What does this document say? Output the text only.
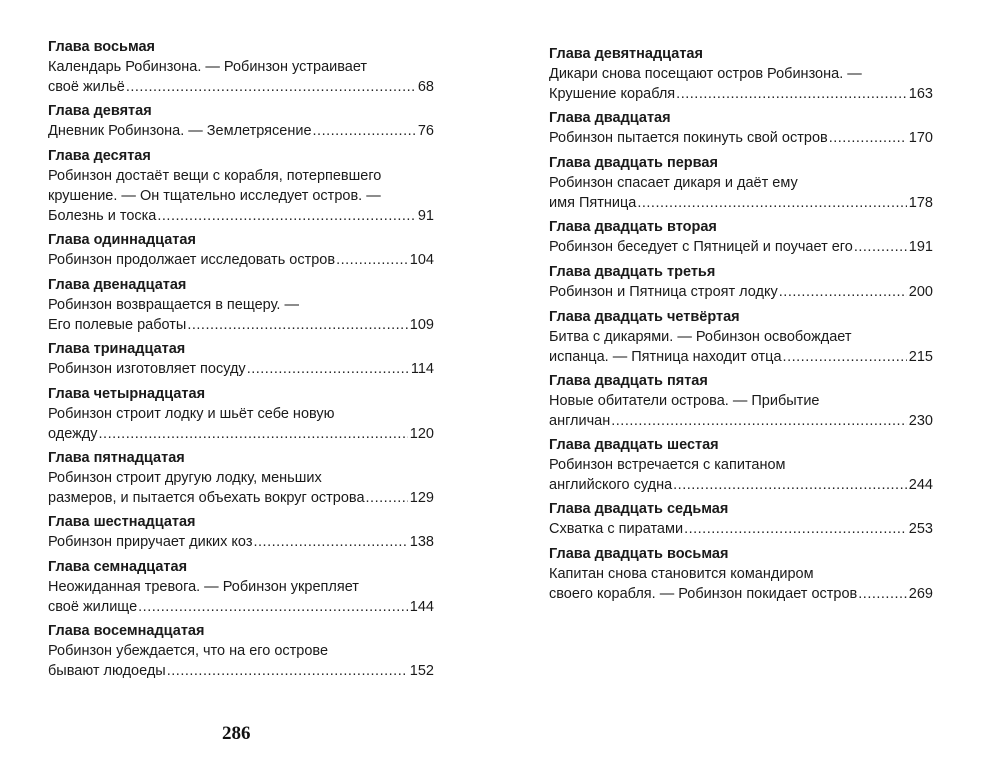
Глава восьмая
Календарь Робинзона. — Робинзон устраивает
своё жильё .....	68
Глава девятая
Дневник Робинзона. — Землетрясение .....	76
Глава десятая
Робинзон достаёт вещи с корабля, потерпевшего
крушение. — Он тщательно исследует остров. —
Болезнь и тоска .....	91
Глава одиннадцатая
Робинзон продолжает исследовать остров .....	104
Глава двенадцатая
Робинзон возвращается в пещеру. —
Его полевые работы .....	109
Глава тринадцатая
Робинзон изготовляет посуду .....	114
Глава четырнадцатая
Робинзон строит лодку и шьёт себе новую
одежду .....	120
Глава пятнадцатая
Робинзон строит другую лодку, меньших
размеров, и пытается объехать вокруг острова .....	129
Глава шестнадцатая
Робинзон приручает диких коз .....	138
Глава семнадцатая
Неожиданная тревога. — Робинзон укрепляет
своё жилище .....	144
Глава восемнадцатая
Робинзон убеждается, что на его острове
бывают людоеды .....	152
Глава девятнадцатая
Дикари снова посещают остров Робинзона. —
Крушение корабля .....	163
Глава двадцатая
Робинзон пытается покинуть свой остров .....	170
Глава двадцать первая
Робинзон спасает дикаря и даёт ему
имя Пятница .....	178
Глава двадцать вторая
Робинзон беседует с Пятницей и поучает его .....	191
Глава двадцать третья
Робинзон и Пятница строят лодку .....	200
Глава двадцать четвёртая
Битва с дикарями. — Робинзон освобождает
испанца. — Пятница находит отца .....	215
Глава двадцать пятая
Новые обитатели острова. — Прибытие
англичан .....	230
Глава двадцать шестая
Робинзон встречается с капитаном
английского судна .....	244
Глава двадцать седьмая
Схватка с пиратами .....	253
Глава двадцать восьмая
Капитан снова становится командиром
своего корабля. — Робинзон покидает остров .....	269
286
